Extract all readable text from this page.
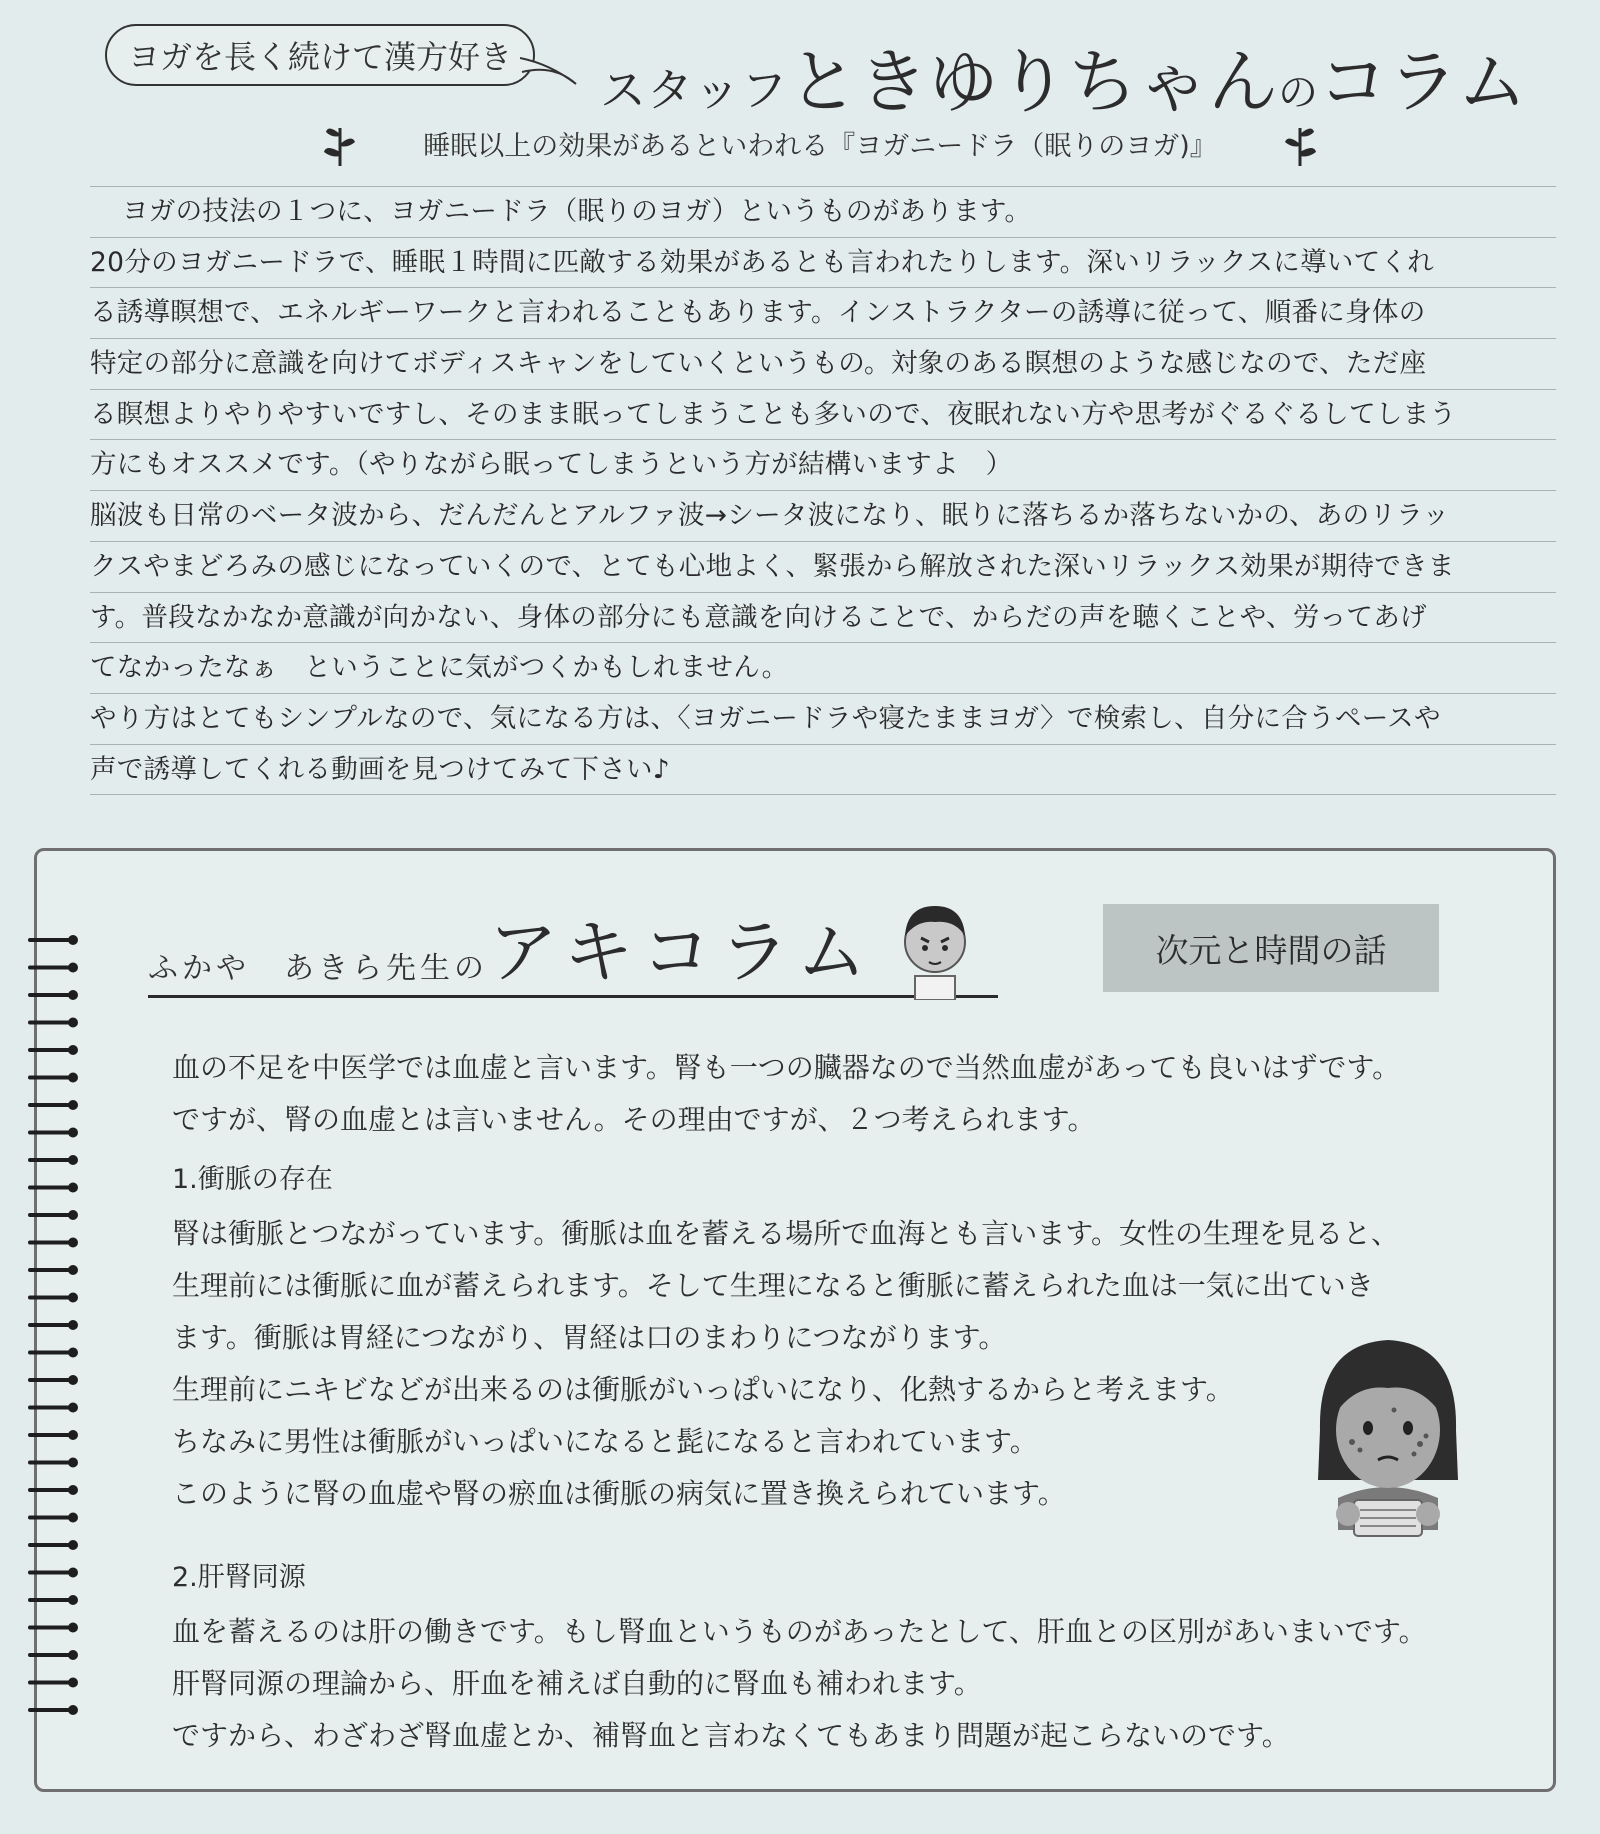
ヨガを長く続けて漢方好き
スタッフ ときゆりちゃん の コラム
睡眠以上の効果があるといわれる『ヨガニードラ（眠りのヨガ)』
ヨガの技法の１つに、ヨガニードラ（眠りのヨガ）というものがあります。
20分のヨガニードラで、睡眠１時間に匹敵する効果があるとも言われたりします。深いリラックスに導いてくれ
る誘導瞑想で、エネルギーワークと言われることもあります。インストラクターの誘導に従って、順番に身体の
特定の部分に意識を向けてボディスキャンをしていくというもの。対象のある瞑想のような感じなので、ただ座
る瞑想よりやりやすいですし、そのまま眠ってしまうことも多いので、夜眠れない方や思考がぐるぐるしてしまう
方にもオススメです。（やりながら眠ってしまうという方が結構いますよ　）
脳波も日常のベータ波から、だんだんとアルファ波→シータ波になり、眠りに落ちるか落ちないかの、あのリラッ
クスやまどろみの感じになっていくので、とても心地よく、緊張から解放された深いリラックス効果が期待できま
す。普段なかなか意識が向かない、身体の部分にも意識を向けることで、からだの声を聴くことや、労ってあげ
てなかったなぁ　ということに気がつくかもしれません。
やり方はとてもシンプルなので、気になる方は、〈ヨガニードラや寝たままヨガ〉で検索し、自分に合うペースや
声で誘導してくれる動画を見つけてみて下さい♪
ふかや　あきら先生の アキコラム	次元と時間の話
血の不足を中医学では血虚と言います。腎も一つの臓器なので当然血虚があっても良いはずです。
ですが、腎の血虚とは言いません。その理由ですが、２つ考えられます。
1.衝脈の存在
腎は衝脈とつながっています。衝脈は血を蓄える場所で血海とも言います。女性の生理を見ると、
生理前には衝脈に血が蓄えられます。そして生理になると衝脈に蓄えられた血は一気に出ていき
ます。衝脈は胃経につながり、胃経は口のまわりにつながります。
生理前にニキビなどが出来るのは衝脈がいっぱいになり、化熱するからと考えます。
ちなみに男性は衝脈がいっぱいになると髭になると言われています。
このように腎の血虚や腎の瘀血は衝脈の病気に置き換えられています。
2.肝腎同源
血を蓄えるのは肝の働きです。もし腎血というものがあったとして、肝血との区別があいまいです。
肝腎同源の理論から、肝血を補えば自動的に腎血も補われます。
ですから、わざわざ腎血虚とか、補腎血と言わなくてもあまり問題が起こらないのです。
